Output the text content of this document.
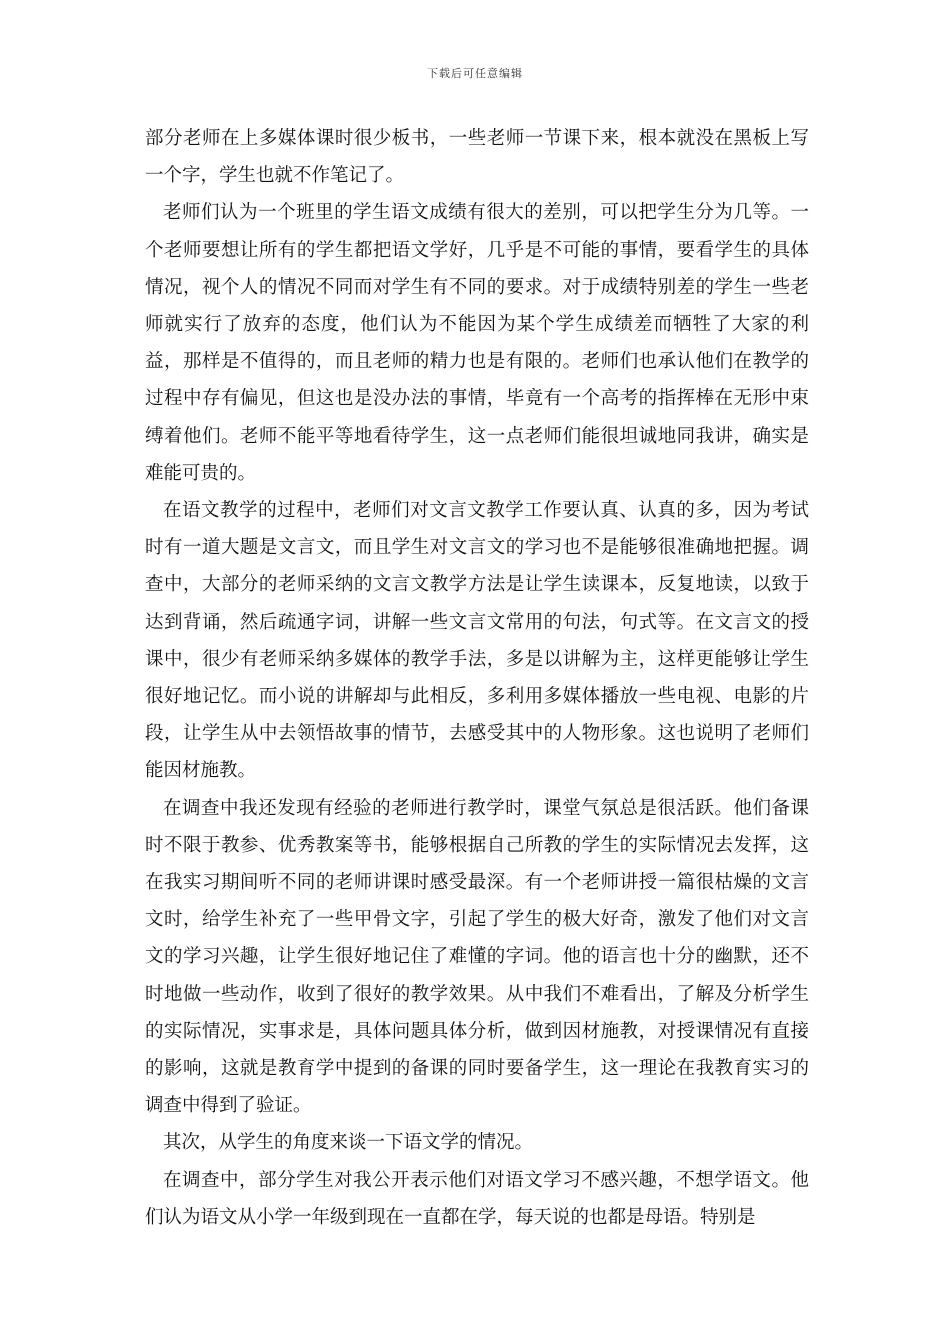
下载后可任意编辑

部分老师在上多媒体课时很少板书，一些老师一节课下来，根本就没在黑板上写一个字，学生也就不作笔记了。

老师们认为一个班里的学生语文成绩有很大的差别，可以把学生分为几等。一个老师要想让所有的学生都把语文学好，几乎是不可能的事情，要看学生的具体情况，视个人的情况不同而对学生有不同的要求。对于成绩特别差的学生一些老师就实行了放弃的态度，他们认为不能因为某个学生成绩差而牺牲了大家的利益，那样是不值得的，而且老师的精力也是有限的。老师们也承认他们在教学的过程中存有偏见，但这也是没办法的事情，毕竟有一个高考的指挥棒在无形中束缚着他们。老师不能平等地看待学生，这一点老师们能很坦诚地同我讲，确实是难能可贵的。

在语文教学的过程中，老师们对文言文教学工作要认真、认真的多，因为考试时有一道大题是文言文，而且学生对文言文的学习也不是能够很准确地把握。调查中，大部分的老师采纳的文言文教学方法是让学生读课本，反复地读，以致于达到背诵，然后疏通字词，讲解一些文言文常用的句法，句式等。在文言文的授课中，很少有老师采纳多媒体的教学手法，多是以讲解为主，这样更能够让学生很好地记忆。而小说的讲解却与此相反，多利用多媒体播放一些电视、电影的片段，让学生从中去领悟故事的情节，去感受其中的人物形象。这也说明了老师们能因材施教。

在调查中我还发现有经验的老师进行教学时，课堂气氛总是很活跃。他们备课时不限于教参、优秀教案等书，能够根据自己所教的学生的实际情况去发挥，这在我实习期间听不同的老师讲课时感受最深。有一个老师讲授一篇很枯燥的文言文时，给学生补充了一些甲骨文字，引起了学生的极大好奇，激发了他们对文言文的学习兴趣，让学生很好地记住了难懂的字词。他的语言也十分的幽默，还不时地做一些动作，收到了很好的教学效果。从中我们不难看出，了解及分析学生的实际情况，实事求是，具体问题具体分析，做到因材施教，对授课情况有直接的影响，这就是教育学中提到的备课的同时要备学生，这一理论在我教育实习的调查中得到了验证。

其次，从学生的角度来谈一下语文学的情况。

在调查中，部分学生对我公开表示他们对语文学习不感兴趣，不想学语文。他们认为语文从小学一年级到现在一直都在学，每天说的也都是母语。特别是
